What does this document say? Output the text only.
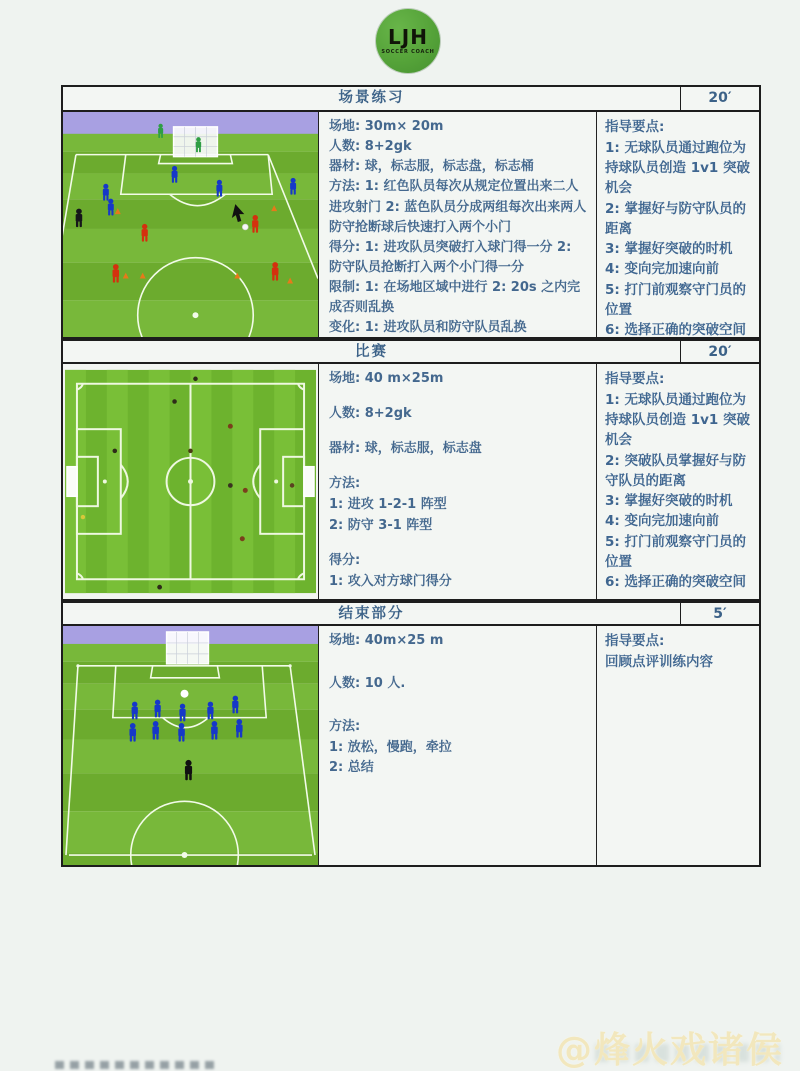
LJH
SOCCER COACH
场景练习	20′

场地: 30m× 20m

人数: 8+2gk

器材: 球，标志服，标志盘，标志桶

方法: 1: 红色队员每次从规定位置出来二人进攻射门 2: 蓝色队员分成两组每次出来两人防守抢断球后快速打入两个小门

得分: 1: 进攻队员突破打入球门得一分 2: 防守队员抢断打入两个小门得一分

限制: 1: 在场地区域中进行 2: 20s 之内完成否则乱换

变化: 1: 进攻队员和防守队员乱换

指导要点:

1: 无球队员通过跑位为持球队员创造 1v1 突破机会

2: 掌握好与防守队员的距离

3: 掌握好突破的时机

4: 变向完加速向前

5: 打门前观察守门员的位置

6: 选择正确的突破空间

比赛	20′

场地: 40 m×25m

人数: 8+2gk

器材: 球，标志服，标志盘

方法:

1: 进攻 1-2-1 阵型

2: 防守 3-1 阵型

得分:

1: 攻入对方球门得分

指导要点:

1: 无球队员通过跑位为持球队员创造 1v1 突破机会

2: 突破队员掌握好与防守队员的距离

3: 掌握好突破的时机

4: 变向完加速向前

5: 打门前观察守门员的位置

6: 选择正确的突破空间

结束部分	5′

场地: 40m×25 m

人数: 10 人.

方法:

1: 放松，慢跑，牵拉

2: 总结

指导要点:

回顾点评训练内容

@烽火戏诸侯
